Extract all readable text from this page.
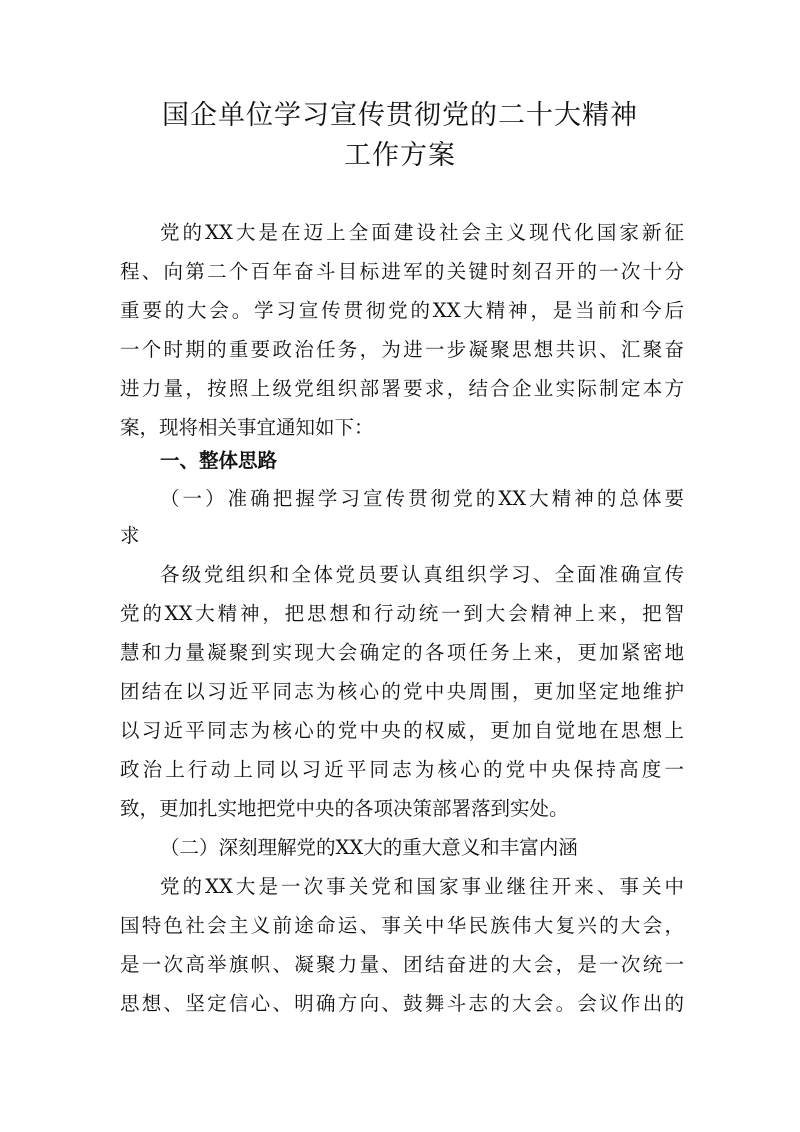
国企单位学习宣传贯彻党的二十大精神
工作方案
党的XX大是在迈上全面建设社会主义现代化国家新征
程、向第二个百年奋斗目标进军的关键时刻召开的一次十分
重要的大会。学习宣传贯彻党的XX大精神，是当前和今后
一个时期的重要政治任务，为进一步凝聚思想共识、汇聚奋
进力量，按照上级党组织部署要求，结合企业实际制定本方
案，现将相关事宜通知如下：
一、整体思路
（一）准确把握学习宣传贯彻党的XX大精神的总体要
求
各级党组织和全体党员要认真组织学习、全面准确宣传
党的XX大精神，把思想和行动统一到大会精神上来，把智
慧和力量凝聚到实现大会确定的各项任务上来，更加紧密地
团结在以习近平同志为核心的党中央周围，更加坚定地维护
以习近平同志为核心的党中央的权威，更加自觉地在思想上
政治上行动上同以习近平同志为核心的党中央保持高度一
致，更加扎实地把党中央的各项决策部署落到实处。
（二）深刻理解党的XX大的重大意义和丰富内涵
党的XX大是一次事关党和国家事业继往开来、事关中
国特色社会主义前途命运、事关中华民族伟大复兴的大会，
是一次高举旗帜、凝聚力量、团结奋进的大会，是一次统一
思想、坚定信心、明确方向、鼓舞斗志的大会。会议作出的
